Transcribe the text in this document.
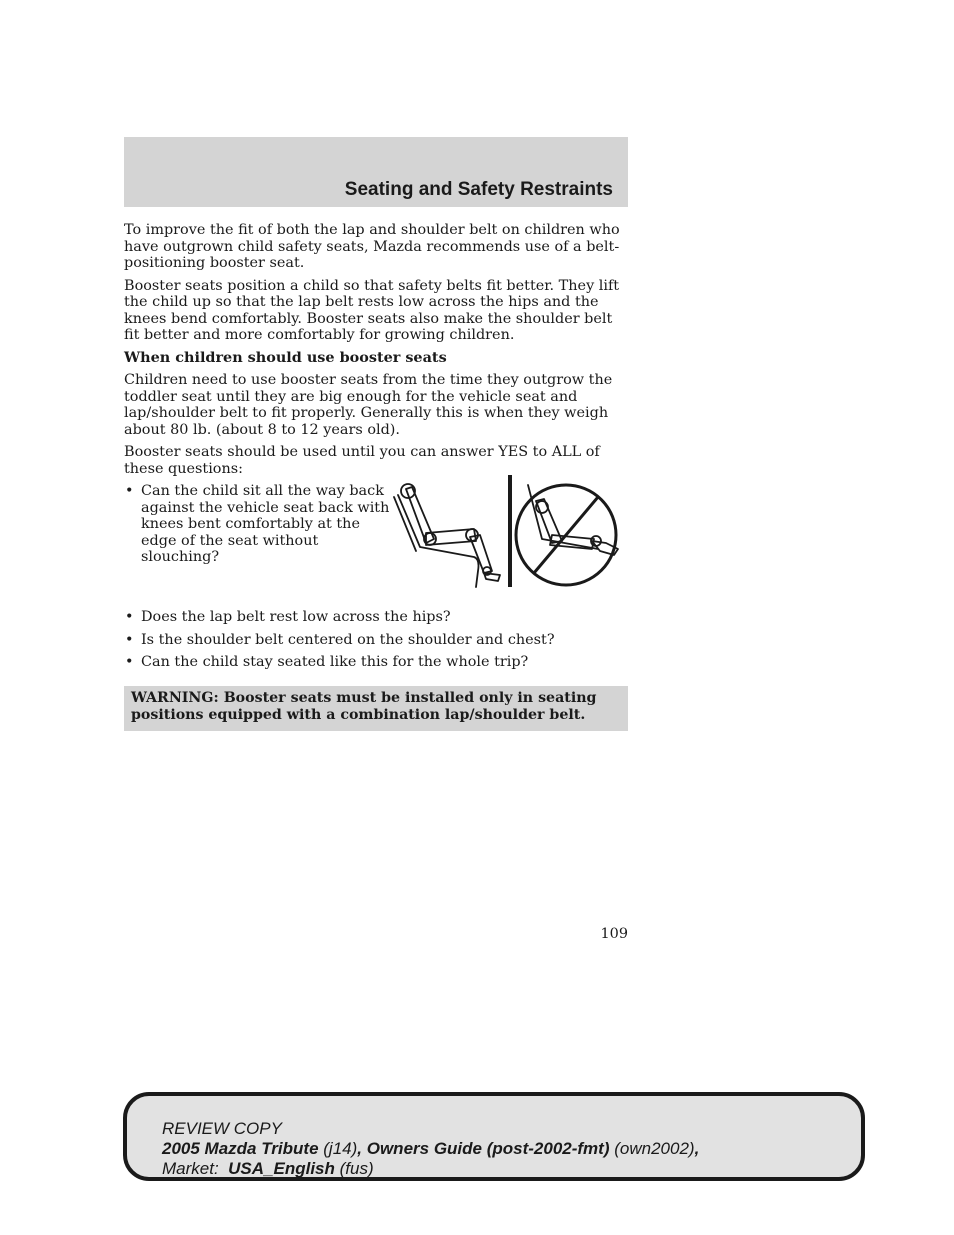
Seating and Safety Restraints

To improve the fit of both the lap and shoulder belt on children who have outgrown child safety seats, Mazda recommends use of a belt-positioning booster seat.

Booster seats position a child so that safety belts fit better. They lift the child up so that the lap belt rests low across the hips and the knees bend comfortably. Booster seats also make the shoulder belt fit better and more comfortably for growing children.

When children should use booster seats

Children need to use booster seats from the time they outgrow the toddler seat until they are big enough for the vehicle seat and lap/shoulder belt to fit properly. Generally this is when they weigh about 80 lb. (about 8 to 12 years old).

Booster seats should be used until you can answer YES to ALL of these questions:

• Can the child sit all the way back against the vehicle seat back with knees bent comfortably at the edge of the seat without slouching?
• Does the lap belt rest low across the hips?
• Is the shoulder belt centered on the shoulder and chest?
• Can the child stay seated like this for the whole trip?
WARNING: Booster seats must be installed only in seating positions equipped with a combination lap/shoulder belt.
109

REVIEW COPY

2005 Mazda Tribute (j14), Owners Guide (post-2002-fmt) (own2002),

Market: USA_English (fus)
